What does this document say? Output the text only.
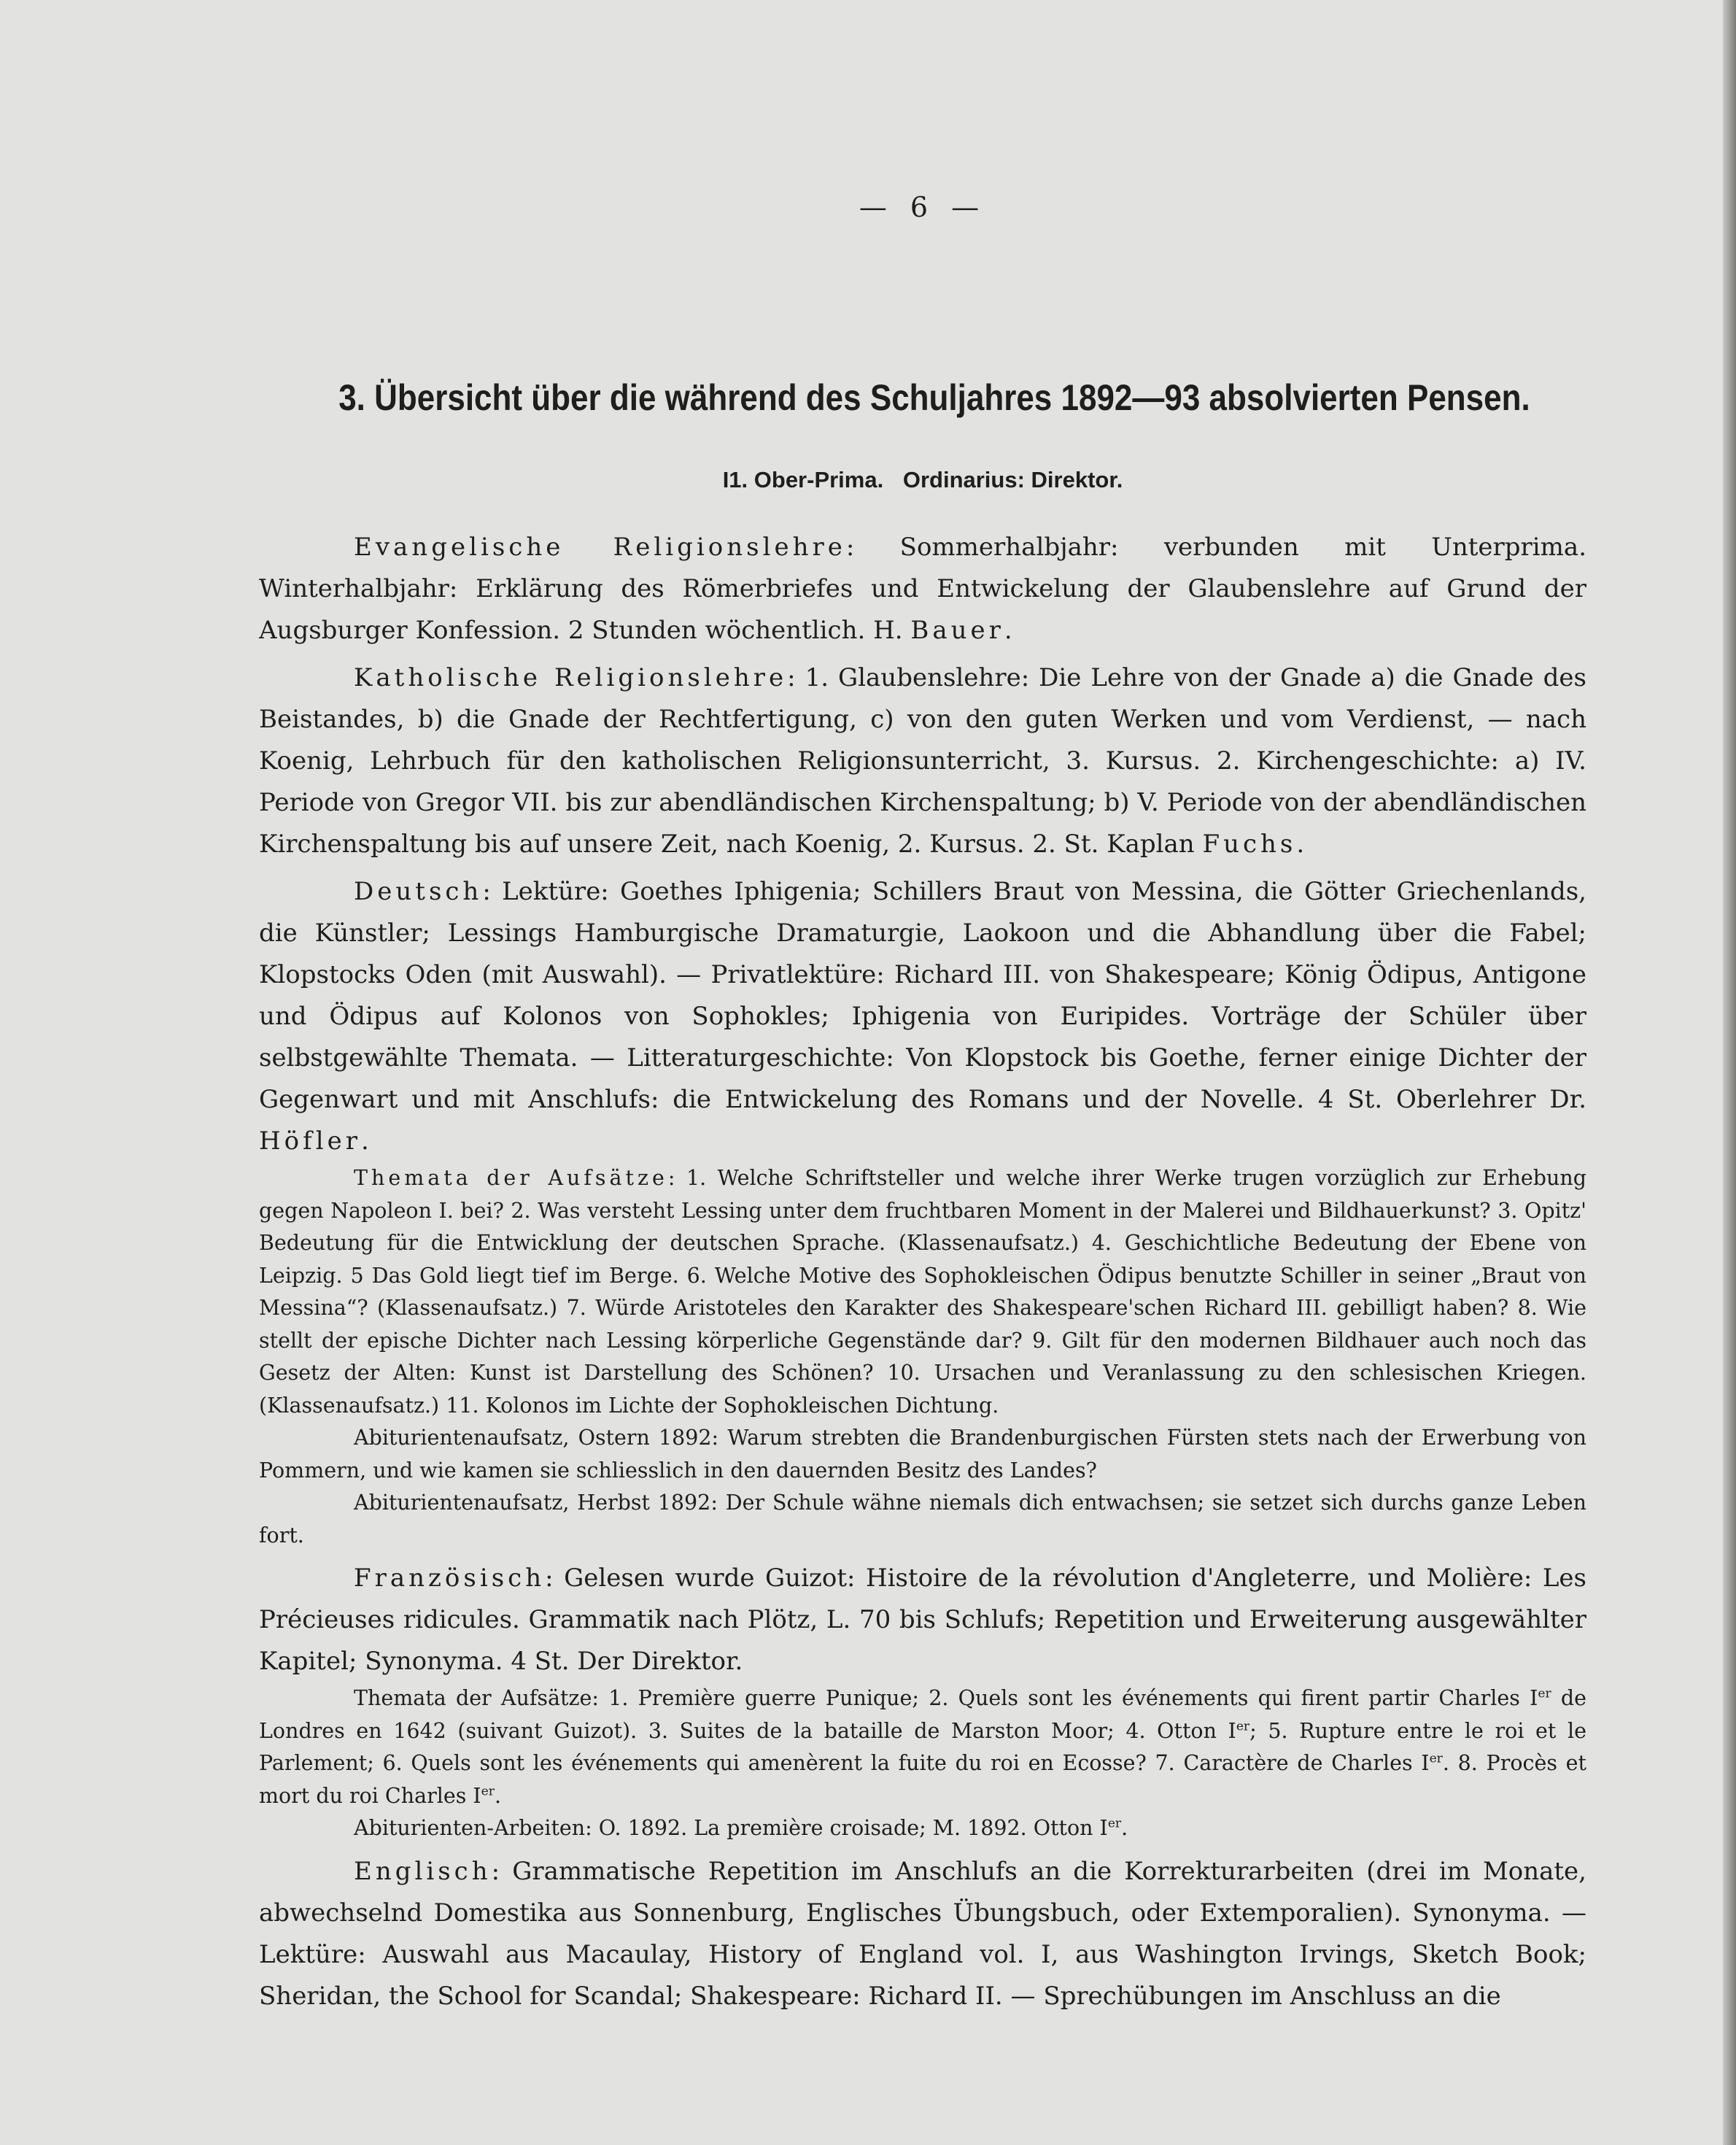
— 6 —
3. Übersicht über die während des Schuljahres 1892—93 absolvierten Pensen.
I1. Ober-Prima. Ordinarius: Direktor.

Evangelische Religionslehre: Sommerhalbjahr: verbunden mit Unterprima. Winterhalbjahr: Erklärung des Römerbriefes und Entwickelung der Glaubenslehre auf Grund der Augsburger Konfession. 2 Stunden wöchentlich. H. Bauer.

Katholische Religionslehre: 1. Glaubenslehre: Die Lehre von der Gnade a) die Gnade des Beistandes, b) die Gnade der Rechtfertigung, c) von den guten Werken und vom Verdienst, — nach Koenig, Lehrbuch für den katholischen Religionsunterricht, 3. Kursus. 2. Kirchengeschichte: a) IV. Periode von Gregor VII. bis zur abendländischen Kirchenspaltung; b) V. Periode von der abendländischen Kirchenspaltung bis auf unsere Zeit, nach Koenig, 2. Kursus. 2. St. Kaplan Fuchs.

Deutsch: Lektüre: Goethes Iphigenia; Schillers Braut von Messina, die Götter Griechenlands, die Künstler; Lessings Hamburgische Dramaturgie, Laokoon und die Abhandlung über die Fabel; Klopstocks Oden (mit Auswahl). — Privatlektüre: Richard III. von Shakespeare; König Ödipus, Antigone und Ödipus auf Kolonos von Sophokles; Iphigenia von Euripides. Vorträge der Schüler über selbstgewählte Themata. — Litteraturgeschichte: Von Klopstock bis Goethe, ferner einige Dichter der Gegenwart und mit Anschlufs: die Entwickelung des Romans und der Novelle. 4 St. Oberlehrer Dr. Höfler.

Themata der Aufsätze: 1. Welche Schriftsteller und welche ihrer Werke trugen vorzüglich zur Erhebung gegen Napoleon I. bei? 2. Was versteht Lessing unter dem fruchtbaren Moment in der Malerei und Bildhauerkunst? 3. Opitz' Bedeutung für die Entwicklung der deutschen Sprache. (Klassenaufsatz.) 4. Geschichtliche Bedeutung der Ebene von Leipzig. 5 Das Gold liegt tief im Berge. 6. Welche Motive des Sophokleischen Ödipus benutzte Schiller in seiner „Braut von Messina“? (Klassenaufsatz.) 7. Würde Aristoteles den Karakter des Shakespeare'schen Richard III. gebilligt haben? 8. Wie stellt der epische Dichter nach Lessing körperliche Gegenstände dar? 9. Gilt für den modernen Bildhauer auch noch das Gesetz der Alten: Kunst ist Darstellung des Schönen? 10. Ursachen und Veranlassung zu den schlesischen Kriegen. (Klassenaufsatz.) 11. Kolonos im Lichte der Sophokleischen Dichtung.

Abiturientenaufsatz, Ostern 1892: Warum strebten die Brandenburgischen Fürsten stets nach der Erwerbung von Pommern, und wie kamen sie schliesslich in den dauernden Besitz des Landes?

Abiturientenaufsatz, Herbst 1892: Der Schule wähne niemals dich entwachsen; sie setzet sich durchs ganze Leben fort.

Französisch: Gelesen wurde Guizot: Histoire de la révolution d'Angleterre, und Molière: Les Précieuses ridicules. Grammatik nach Plötz, L. 70 bis Schlufs; Repetition und Erweiterung ausgewählter Kapitel; Synonyma. 4 St. Der Direktor.

Themata der Aufsätze: 1. Première guerre Punique; 2. Quels sont les événements qui firent partir Charles Ier de Londres en 1642 (suivant Guizot). 3. Suites de la bataille de Marston Moor; 4. Otton Ier; 5. Rupture entre le roi et le Parlement; 6. Quels sont les événements qui amenèrent la fuite du roi en Ecosse? 7. Caractère de Charles Ier. 8. Procès et mort du roi Charles Ier.

Abiturienten-Arbeiten: O. 1892. La première croisade; M. 1892. Otton Ier.

Englisch: Grammatische Repetition im Anschlufs an die Korrekturarbeiten (drei im Monate, abwechselnd Domestika aus Sonnenburg, Englisches Übungsbuch, oder Extemporalien). Synonyma. — Lektüre: Auswahl aus Macaulay, History of England vol. I, aus Washington Irvings, Sketch Book; Sheridan, the School for Scandal; Shakespeare: Richard II. — Sprechübungen im Anschluss an die
